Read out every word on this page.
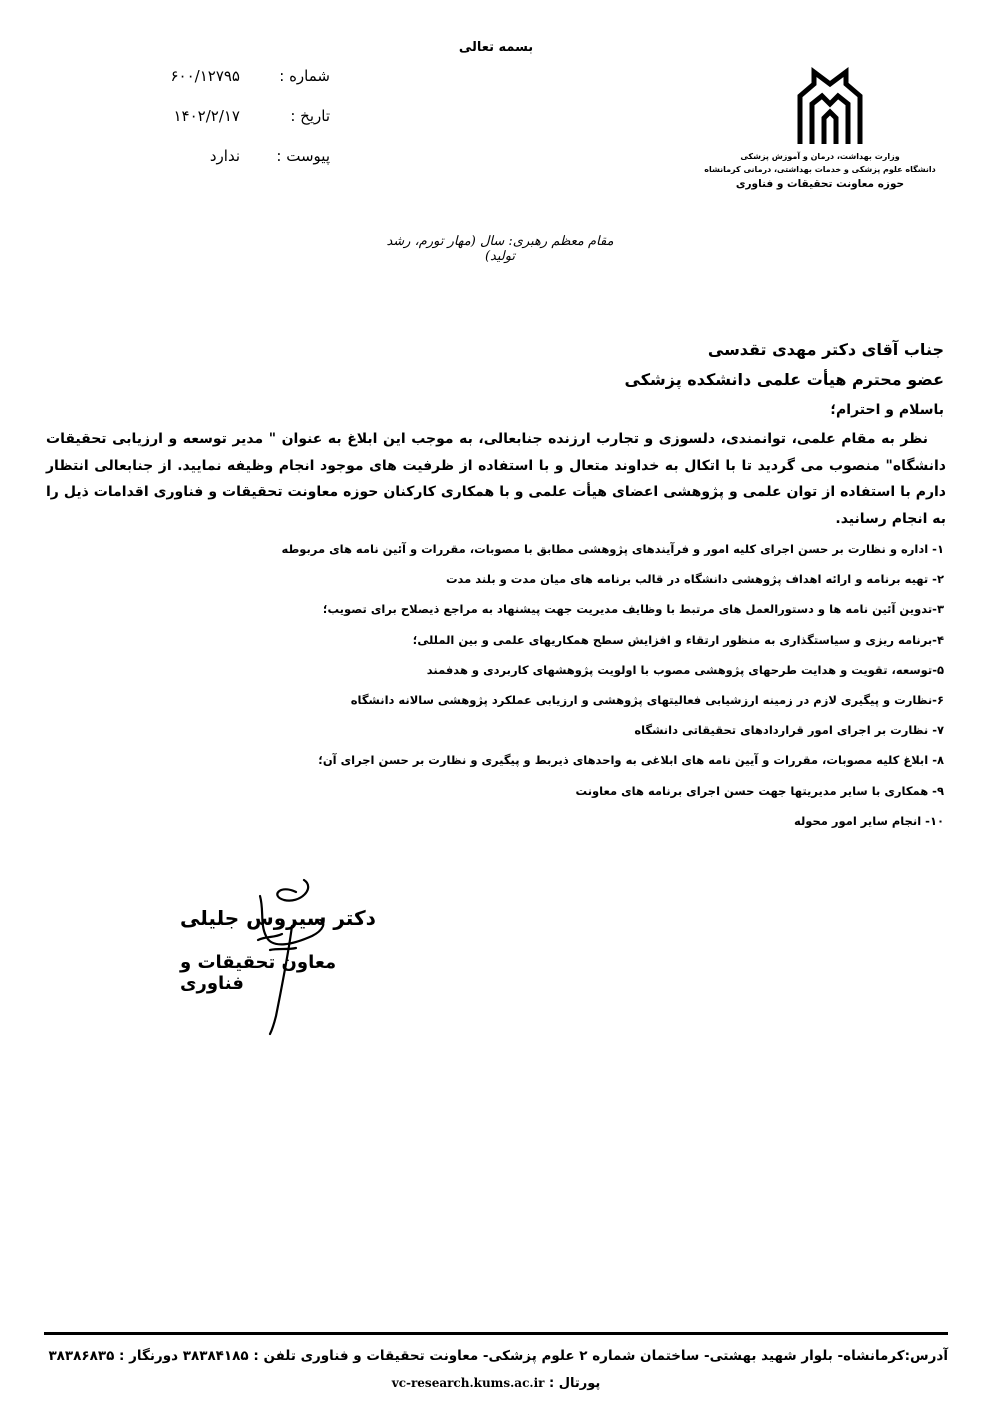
بسمه تعالی
شماره :
۶۰۰/۱۲۷۹۵
تاریخ :
۱۴۰۲/۲/۱۷
پیوست :
ندارد	وزارت بهداشت، درمان و آموزش پزشکی
دانشگاه علوم پزشکی و خدمات بهداشتی، درمانی کرمانشاه
حوزه معاونت تحقیقات و فناوری
مقام معظم رهبری: سال (مهار تورم، رشد تولید)
جناب آقای دکتر مهدی تقدسی
عضو محترم هیأت علمی دانشکده پزشکی
باسلام و احترام؛
نظر به مقام علمی، توانمندی، دلسوزی و تجارب ارزنده جنابعالی، به موجب این ابلاغ به عنوان " مدیر توسعه و ارزیابی تحقیقات دانشگاه" منصوب می گردید تا با اتکال به خداوند متعال و با استفاده از ظرفیت های موجود انجام وظیفه نمایید. از جنابعالی انتظار دارم با استفاده از توان علمی و پژوهشی اعضای هیأت علمی و با همکاری کارکنان حوزه معاونت تحقیقات و فناوری اقدامات ذیل را به انجام رسانید.
۱- اداره و نظارت بر حسن اجرای کلیه امور و فرآیندهای پژوهشی مطابق با مصوبات، مقررات و آئین نامه های مربوطه
۲- تهیه برنامه و ارائه اهداف پژوهشی دانشگاه در قالب برنامه های میان مدت و بلند مدت
۳-تدوین آئین نامه ها و دستورالعمل های مرتبط با وظایف مدیریت جهت پیشنهاد به مراجع ذیصلاح برای تصویب؛
۴-برنامه ریزی و سیاستگذاری به منظور ارتقاء و افزایش سطح همکاریهای علمی و بین المللی؛
۵-توسعه، تقویت و هدایت طرحهای پژوهشی مصوب با اولویت پژوهشهای کاربردی و هدفمند
۶-نظارت و پیگیری لازم در زمینه ارزشیابی فعالیتهای پژوهشی و ارزیابی عملکرد پژوهشی سالانه دانشگاه
۷- نظارت بر اجرای امور قراردادهای تحقیقاتی دانشگاه
۸- ابلاغ کلیه مصوبات، مقررات و آیین نامه های ابلاغی به واحدهای ذیربط و پیگیری و نظارت بر حسن اجرای آن؛
۹- همکاری با سایر مدیریتها جهت حسن اجرای برنامه های معاونت
۱۰- انجام سایر امور محوله
دکتر سیروس جلیلی
معاون تحقیقات و فناوری
آدرس:کرمانشاه- بلوار شهید بهشتی- ساختمان شماره ۲ علوم پزشکی- معاونت تحقیقات و فناوری تلفن : ۳۸۳۸۴۱۸۵ دورنگار : ۳۸۳۸۶۸۳۵
پورتال : vc-research.kums.ac.ir
